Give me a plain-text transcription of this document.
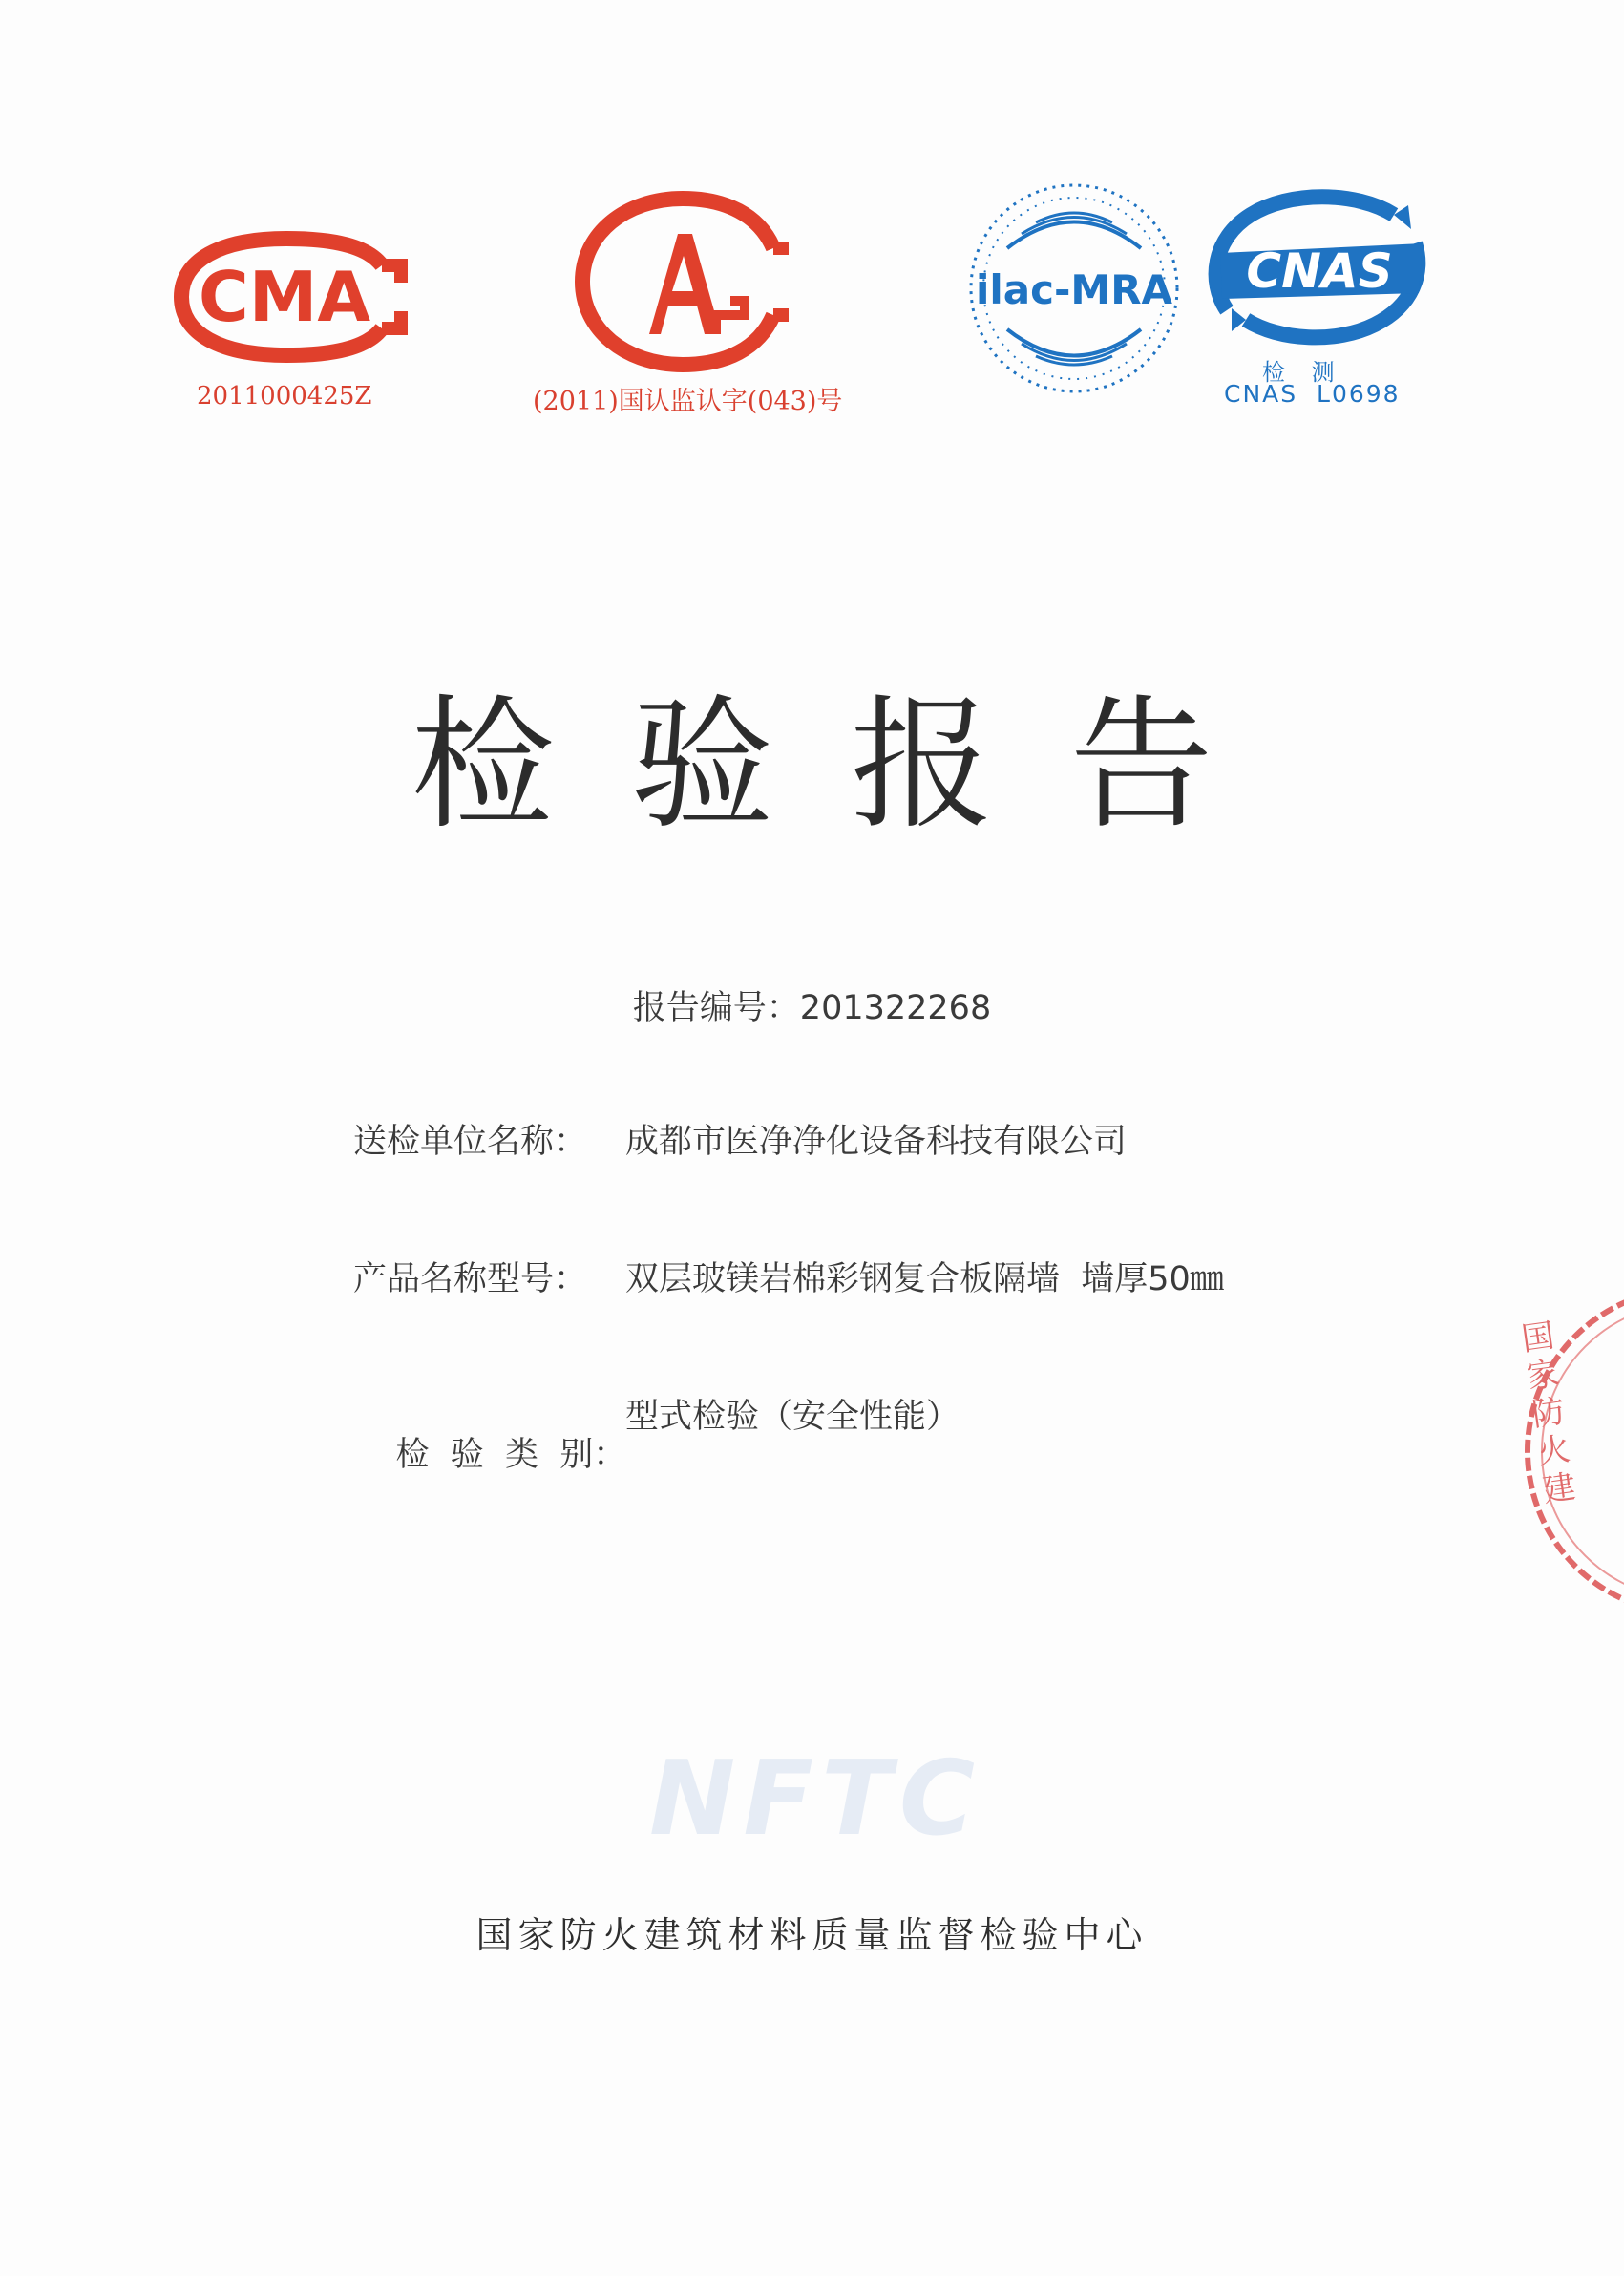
CMA
2011000425Z	(2011)国认监认字(043)号
ilac-MRA CNAS
检 测
CNAS  L0698
检验报告
报告编号：201322268
送检单位名称： 成都市医净净化设备科技有限公司
产品名称型号： 双层玻镁岩棉彩钢复合板隔墙  墙厚50㎜

检  验  类  别：

型式检验（安全性能）
NFTC
国家防火建筑材料质量监督检验中心
国家防火建
